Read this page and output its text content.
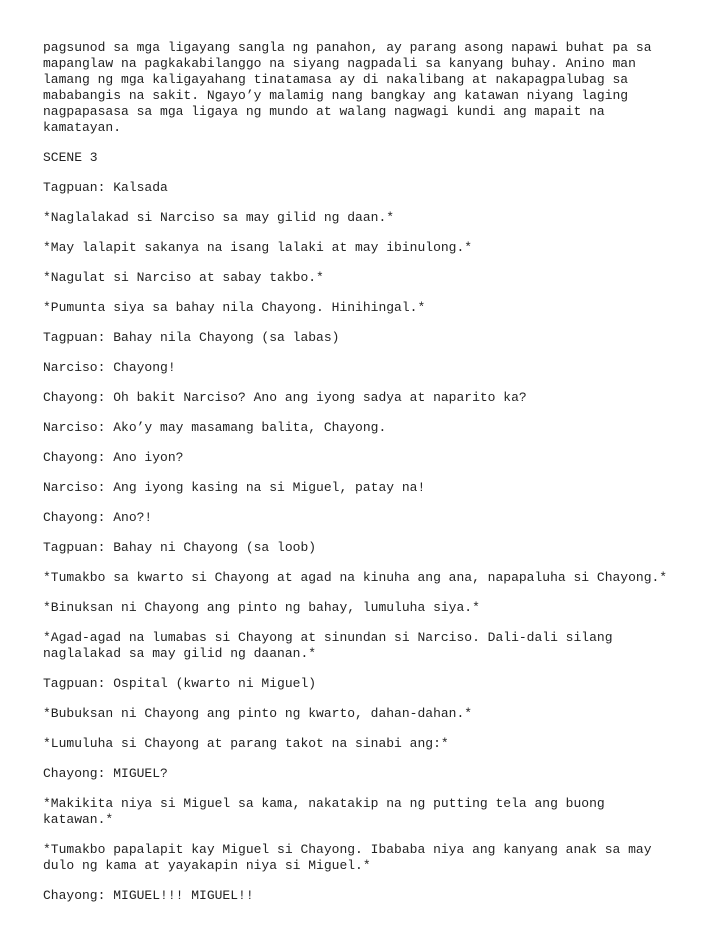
pagsunod sa mga ligayang sangla ng panahon, ay parang asong napawi buhat pa sa
mapanglaw na pagkakabilanggo na siyang nagpadali sa kanyang buhay. Anino man
lamang ng mga kaligayahang tinatamasa ay di nakalibang at nakapagpalubag sa
mababangis na sakit. Ngayo’y malamig nang bangkay ang katawan niyang laging
nagpapasasa sa mga ligaya ng mundo at walang nagwagi kundi ang mapait na
kamatayan.

SCENE 3

Tagpuan: Kalsada

*Naglalakad si Narciso sa may gilid ng daan.*

*May lalapit sakanya na isang lalaki at may ibinulong.*

*Nagulat si Narciso at sabay takbo.*

*Pumunta siya sa bahay nila Chayong. Hinihingal.*

Tagpuan: Bahay nila Chayong (sa labas)

Narciso: Chayong!

Chayong: Oh bakit Narciso? Ano ang iyong sadya at naparito ka?

Narciso: Ako’y may masamang balita, Chayong.

Chayong: Ano iyon?

Narciso: Ang iyong kasing na si Miguel, patay na!

Chayong: Ano?!

Tagpuan: Bahay ni Chayong (sa loob)

*Tumakbo sa kwarto si Chayong at agad na kinuha ang ana, napapaluha si Chayong.*

*Binuksan ni Chayong ang pinto ng bahay, lumuluha siya.*

*Agad-agad na lumabas si Chayong at sinundan si Narciso. Dali-dali silang
naglalakad sa may gilid ng daanan.*

Tagpuan: Ospital (kwarto ni Miguel)

*Bubuksan ni Chayong ang pinto ng kwarto, dahan-dahan.*

*Lumuluha si Chayong at parang takot na sinabi ang:*

Chayong: MIGUEL?

*Makikita niya si Miguel sa kama, nakatakip na ng putting tela ang buong
katawan.*

*Tumakbo papalapit kay Miguel si Chayong. Ibababa niya ang kanyang anak sa may
dulo ng kama at yayakapin niya si Miguel.*

Chayong: MIGUEL!!! MIGUEL!!
